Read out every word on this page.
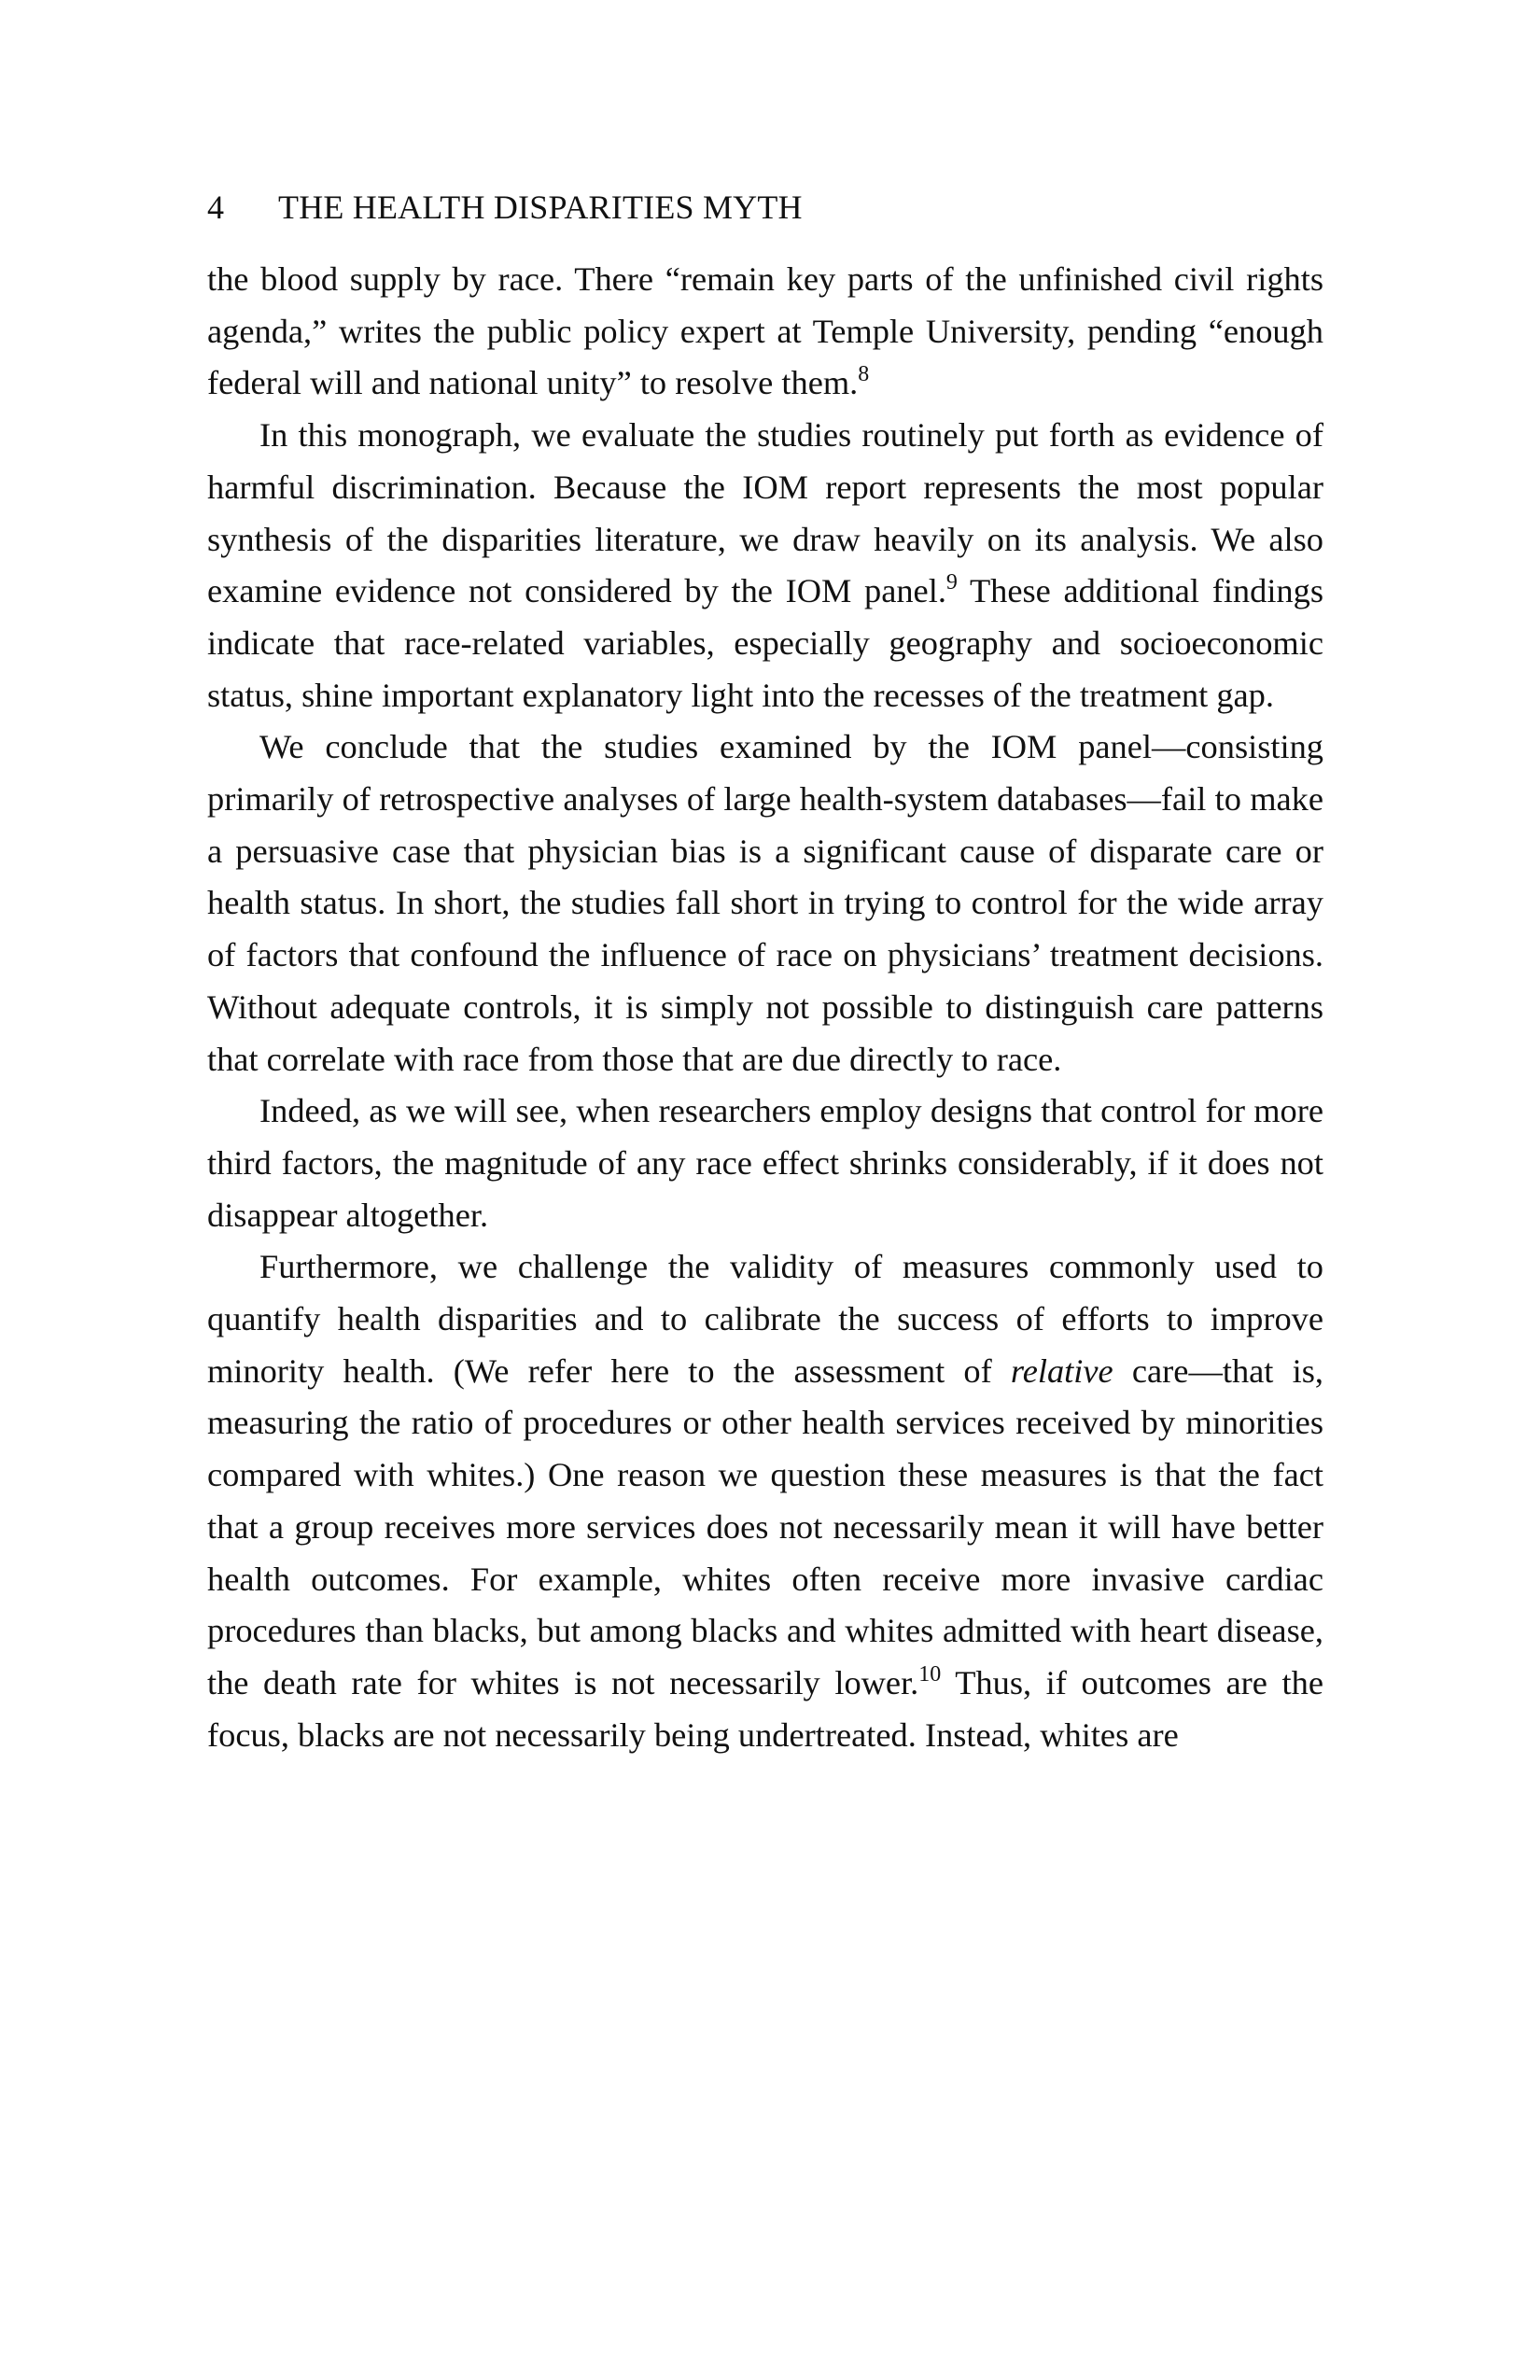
4 THE HEALTH DISPARITIES MYTH

the blood supply by race. There “remain key parts of the unfinished civil rights agenda,” writes the public policy expert at Temple University, pending “enough federal will and national unity” to resolve them.$^8$

In this monograph, we evaluate the studies routinely put forth as evidence of harmful discrimination. Because the IOM report represents the most popular synthesis of the disparities literature, we draw heavily on its analysis. We also examine evidence not considered by the IOM panel.$^9$ These additional findings indicate that race-related variables, especially geography and socioeconomic status, shine important explanatory light into the recesses of the treatment gap.

We conclude that the studies examined by the IOM panel—consisting primarily of retrospective analyses of large health-system databases—fail to make a persuasive case that physician bias is a significant cause of disparate care or health status. In short, the studies fall short in trying to control for the wide array of factors that confound the influence of race on physicians’ treatment decisions. Without adequate controls, it is simply not possible to distinguish care patterns that correlate with race from those that are due directly to race.

Indeed, as we will see, when researchers employ designs that control for more third factors, the magnitude of any race effect shrinks considerably, if it does not disappear altogether.

Furthermore, we challenge the validity of measures commonly used to quantify health disparities and to calibrate the success of efforts to improve minority health. (We refer here to the assessment of relative care—that is, measuring the ratio of procedures or other health services received by minorities compared with whites.) One reason we question these measures is that the fact that a group receives more services does not necessarily mean it will have better health outcomes. For example, whites often receive more invasive cardiac procedures than blacks, but among blacks and whites admitted with heart disease, the death rate for whites is not necessarily lower.$^{10}$ Thus, if outcomes are the focus, blacks are not necessarily being undertreated. Instead, whites are
